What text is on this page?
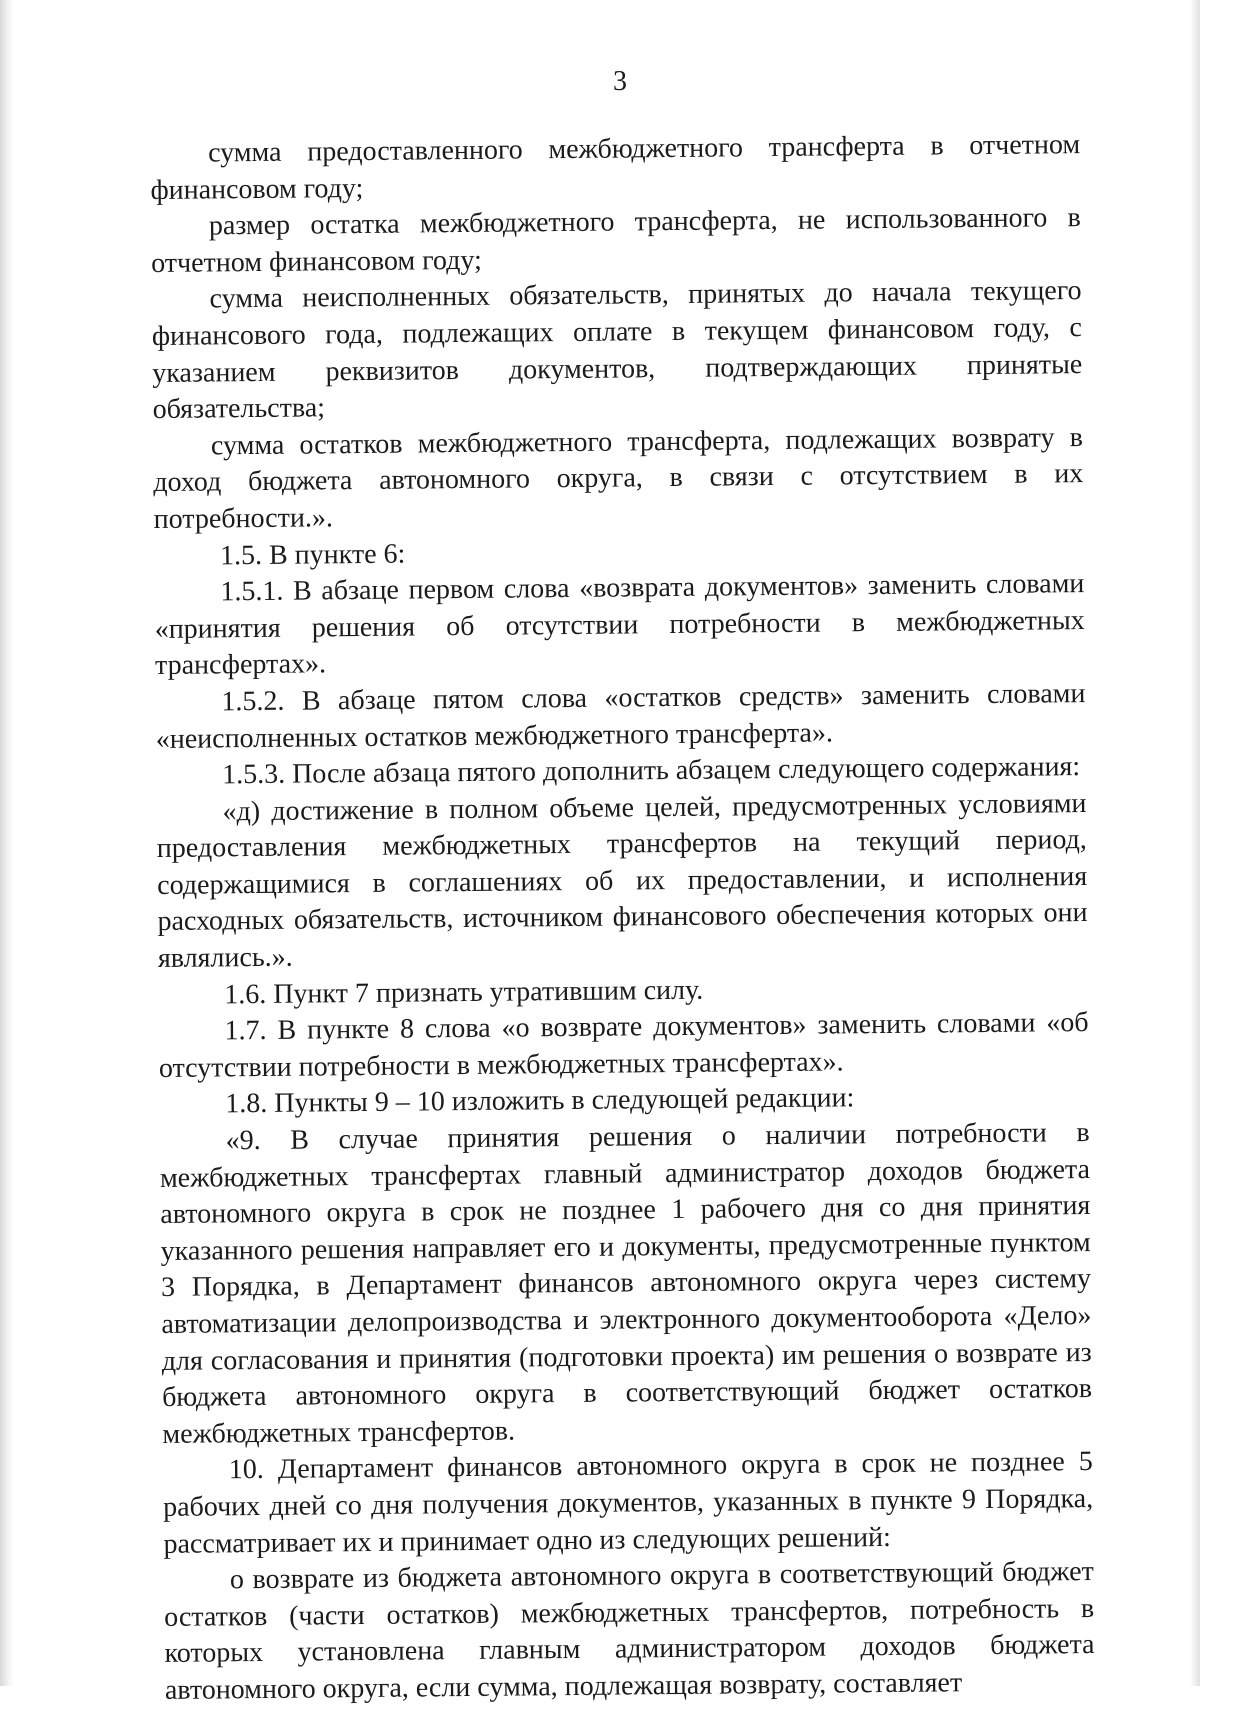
3

сумма предоставленного межбюджетного трансферта в отчетном финансовом году;

размер остатка межбюджетного трансферта, не использованного в отчетном финансовом году;

сумма неисполненных обязательств, принятых до начала текущего финансового года, подлежащих оплате в текущем финансовом году, с указанием реквизитов документов, подтверждающих принятые обязательства;

сумма остатков межбюджетного трансферта, подлежащих возврату в доход бюджета автономного округа, в связи с отсутствием в их потребности.».

1.5. В пункте 6:

1.5.1. В абзаце первом слова «возврата документов» заменить словами «принятия решения об отсутствии потребности в межбюджетных трансфертах».

1.5.2. В абзаце пятом слова «остатков средств» заменить словами «неисполненных остатков межбюджетного трансферта».

1.5.3. После абзаца пятого дополнить абзацем следующего содержания:

«д) достижение в полном объеме целей, предусмотренных условиями предоставления межбюджетных трансфертов на текущий период, содержащимися в соглашениях об их предоставлении, и исполнения расходных обязательств, источником финансового обеспечения которых они являлись.».

1.6. Пункт 7 признать утратившим силу.

1.7. В пункте 8 слова «о возврате документов» заменить словами «об отсутствии потребности в межбюджетных трансфертах».

1.8. Пункты 9 – 10 изложить в следующей редакции:

«9. В случае принятия решения о наличии потребности в межбюджетных трансфертах главный администратор доходов бюджета автономного округа в срок не позднее 1 рабочего дня со дня принятия указанного решения направляет его и документы, предусмотренные пунктом 3 Порядка, в Департамент финансов автономного округа через систему автоматизации делопроизводства и электронного документооборота «Дело» для согласования и принятия (подготовки проекта) им решения о возврате из бюджета автономного округа в соответствующий бюджет остатков межбюджетных трансфертов.

10. Департамент финансов автономного округа в срок не позднее 5 рабочих дней со дня получения документов, указанных в пункте 9 Порядка, рассматривает их и принимает одно из следующих решений:

о возврате из бюджета автономного округа в соответствующий бюджет остатков (части остатков) межбюджетных трансфертов, потребность в которых установлена главным администратором доходов бюджета автономного округа, если сумма, подлежащая возврату, составляет
